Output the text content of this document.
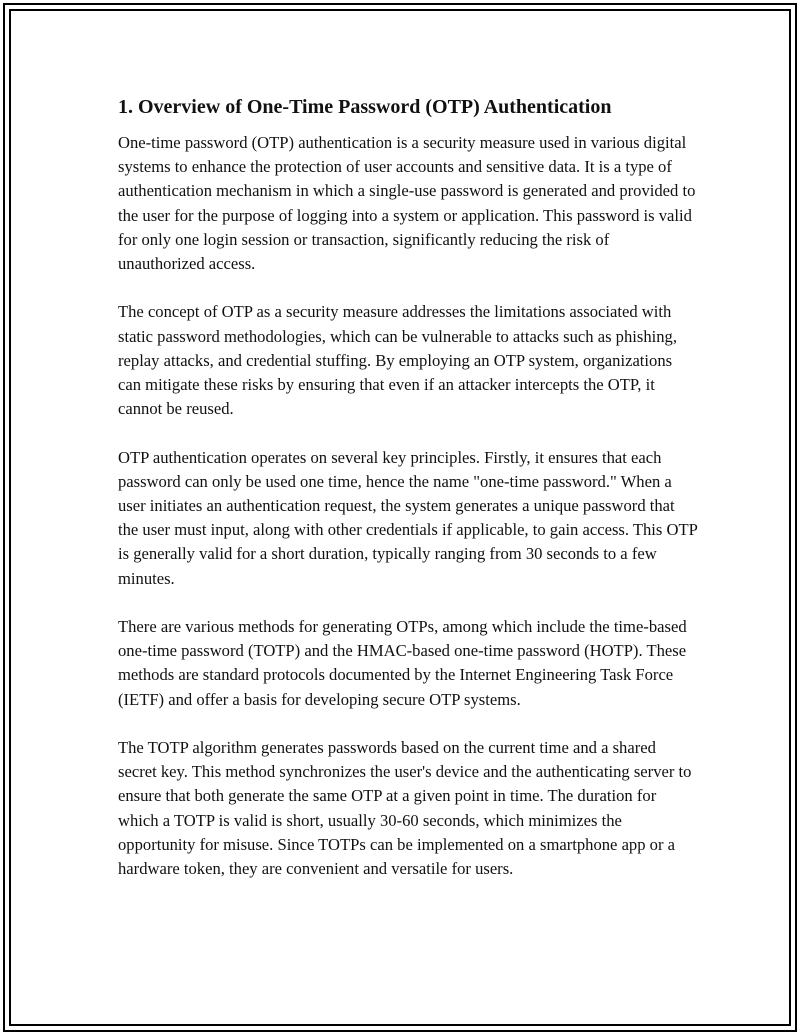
1. Overview of One-Time Password (OTP) Authentication

One-time password (OTP) authentication is a security measure used in various digital systems to enhance the protection of user accounts and sensitive data. It is a type of authentication mechanism in which a single-use password is generated and provided to the user for the purpose of logging into a system or application. This password is valid for only one login session or transaction, significantly reducing the risk of unauthorized access.

The concept of OTP as a security measure addresses the limitations associated with static password methodologies, which can be vulnerable to attacks such as phishing, replay attacks, and credential stuffing. By employing an OTP system, organizations can mitigate these risks by ensuring that even if an attacker intercepts the OTP, it cannot be reused.

OTP authentication operates on several key principles. Firstly, it ensures that each password can only be used one time, hence the name "one-time password." When a user initiates an authentication request, the system generates a unique password that the user must input, along with other credentials if applicable, to gain access. This OTP is generally valid for a short duration, typically ranging from 30 seconds to a few minutes.

There are various methods for generating OTPs, among which include the time-based one-time password (TOTP) and the HMAC-based one-time password (HOTP). These methods are standard protocols documented by the Internet Engineering Task Force (IETF) and offer a basis for developing secure OTP systems.

The TOTP algorithm generates passwords based on the current time and a shared secret key. This method synchronizes the user's device and the authenticating server to ensure that both generate the same OTP at a given point in time. The duration for which a TOTP is valid is short, usually 30-60 seconds, which minimizes the opportunity for misuse. Since TOTPs can be implemented on a smartphone app or a hardware token, they are convenient and versatile for users.
